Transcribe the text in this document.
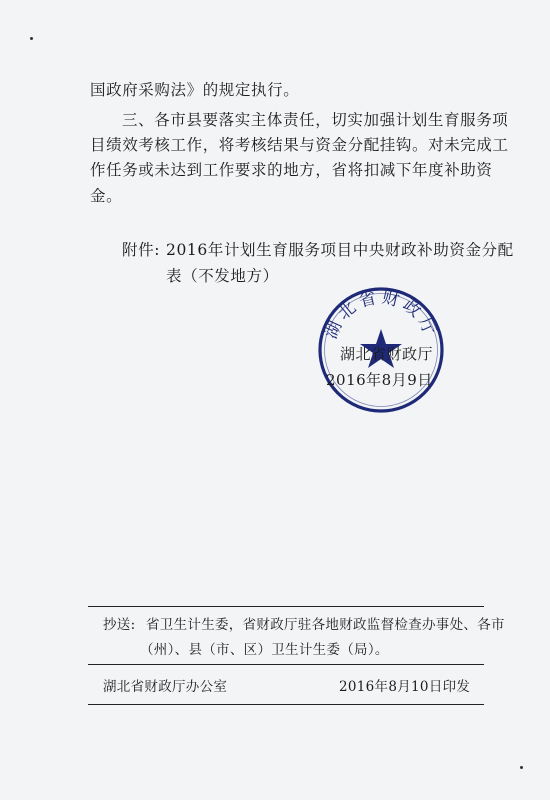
国政府采购法》的规定执行。
三、各市县要落实主体责任，切实加强计划生育服务项
目绩效考核工作，将考核结果与资金分配挂钩。对未完成工
作任务或未达到工作要求的地方，省将扣减下年度补助资
金。
附件: 2016年计划生育服务项目中央财政补助资金分配
表（不发地方）
湖北省财政厅
湖北省财政厅
2016年8月9日
抄送: 省卫生计生委，省财政厅驻各地财政监督检查办事处、各市
（州）、县（市、区）卫生计生委（局）。
湖北省财政厅办公室	2016年8月10日印发
